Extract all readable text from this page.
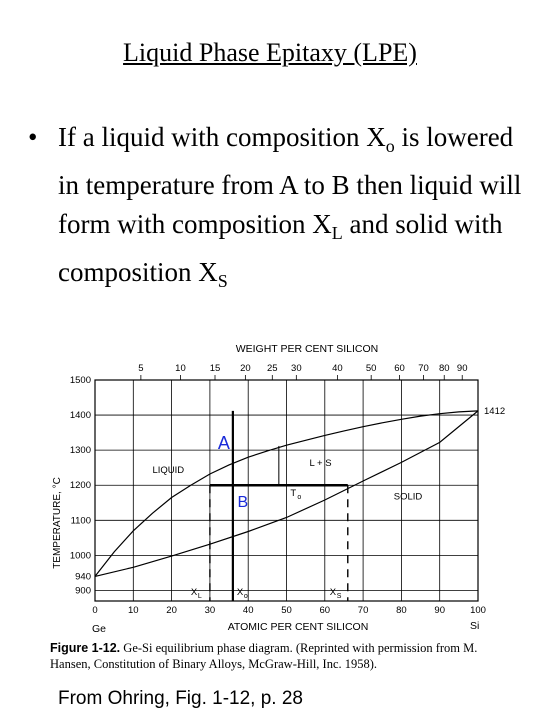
Liquid Phase Epitaxy (LPE)
• If a liquid with composition $X_o$ is lowered in temperature from A to B then liquid will form with composition $X_L$ and solid with composition $X_S$
WEIGHT PER CENT SILICON
900
1000
1100
1200
1300
1400
1500
0	10	20	30	40	50	60	70	80	90	100
5	10	15 20 25 30	40 50 60 70 80 90
1412
940
LIQUID
L + S
SOLID
A
B
T o
X L	X o	X S
TEMPERATURE, °C
ATOMIC PER CENT SILICON
Ge	Si
Figure 1-12. Ge-Si equilibrium phase diagram. (Reprinted with permission from M. Hansen, Constitution of Binary Alloys, McGraw-Hill, Inc. 1958).
From Ohring, Fig. 1-12, p. 28
